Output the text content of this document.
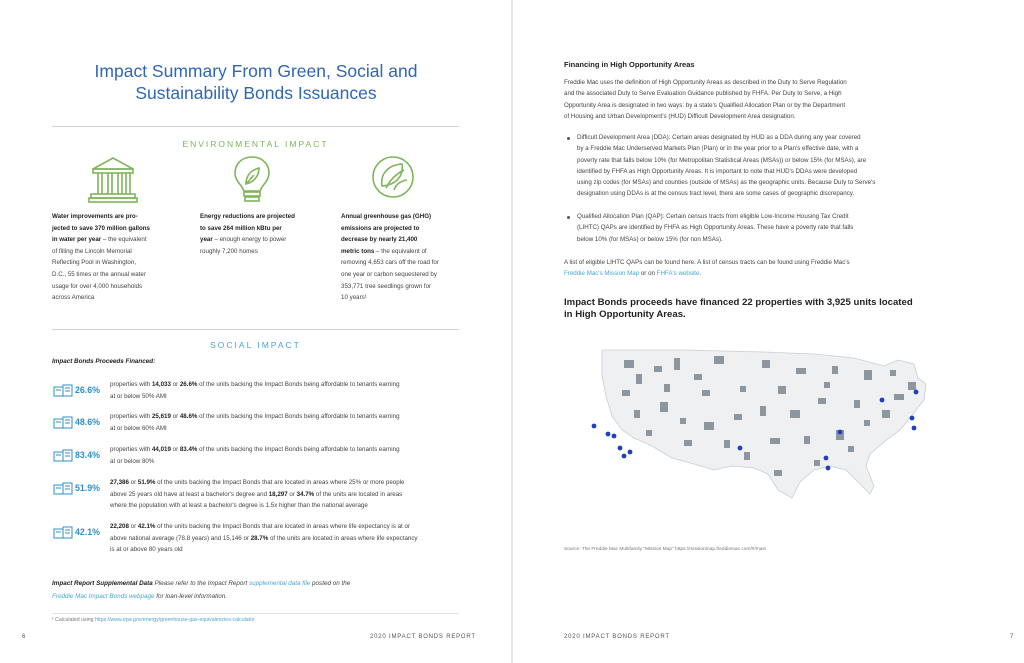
Impact Summary From Green, Social and

Sustainability Bonds Issuances

ENVIRONMENTAL IMPACT

Water improvements are pro-
jected to save 370 million gallons
in water per year – the equivalent
of filling the Lincoln Memorial
Reflecting Pool in Washington,
D.C., 55 times or the annual water
usage for over 4,000 households
across America
Energy reductions are projected
to save 264 million kBtu per
year – enough energy to power
roughly 7,200 homes
Annual greenhouse gas (GHG)
emissions are projected to
decrease by nearly 21,400
metric tons – the equivalent of
removing 4,653 cars off the road for
one year or carbon sequestered by
353,771 tree seedlings grown for
10 years¹

SOCIAL IMPACT

Impact Bonds Proceeds Financed:

26.6%
properties with 14,033 or 26.6% of the units backing the Impact Bonds being affordable to tenants earning
at or below 50% AMI
48.6%
properties with 25,619 or 48.6% of the units backing the Impact Bonds being affordable to tenants earning
at or below 60% AMI
83.4%
properties with 44,019 or 83.4% of the units backing the Impact Bonds being affordable to tenants earning
at or below 80%
51.9%
27,386 or 51.9% of the units backing the Impact Bonds that are located in areas where 25% or more people
above 25 years old have at least a bachelor's degree and 18,297 or 34.7% of the units are located in areas
where the population with at least a bachelor's degree is 1.5x higher than the national average
42.1%
22,208 or 42.1% of the units backing the Impact Bonds that are located in areas where life expectancy is at or
above national average (78.8 years) and 15,146 or 28.7% of the units are located in areas where life expectancy
is at or above 80 years old

Impact Report Supplemental Data Please refer to the Impact Report supplemental data file posted on the

Freddie Mac Impact Bonds webpage for loan-level information.

¹ Calculated using https://www.epa.gov/energy/greenhouse-gas-equivalencies-calculator

6	2020 IMPACT BONDS REPORT

Financing in High Opportunity Areas

Freddie Mac uses the definition of High Opportunity Areas as described in the Duty to Serve Regulation
and the associated Duty to Serve Evaluation Guidance published by FHFA. Per Duty to Serve, a High
Opportunity Area is designated in two ways: by a state's Qualified Allocation Plan or by the Department
of Housing and Urban Development's (HUD) Difficult Development Area designation.
Difficult Development Area (DDA): Certain areas designated by HUD as a DDA during any year covered
by a Freddie Mac Underserved Markets Plan (Plan) or in the year prior to a Plan's effective date, with a
poverty rate that falls below 10% (for Metropolitan Statistical Areas (MSAs)) or below 15% (for MSAs), are
identified by FHFA as High Opportunity Areas. It is important to note that HUD's DDAs were developed
using zip codes (for MSAs) and counties (outside of MSAs) as the geographic units. Because Duty to Serve's
designation using DDAs is at the census tract level, there are some cases of geographic discrepancy.
Qualified Allocation Plan (QAP): Certain census tracts from eligible Low-Income Housing Tax Credit
(LIHTC) QAPs are identified by FHFA as High Opportunity Areas. These have a poverty rate that falls
below 10% (for MSAs) or below 15% (for non MSAs).
A list of eligible LIHTC QAPs can be found here. A list of census tracts can be found using Freddie Mac's
Freddie Mac's Mission Map or on FHFA's website.
Impact Bonds proceeds have financed 22 properties with 3,925 units located
in High Opportunity Areas.

Source: The Freddie Mac Multifamily "Mission Map" https://missionmap.freddiemac.com/#/main

2020 IMPACT BONDS REPORT	7
